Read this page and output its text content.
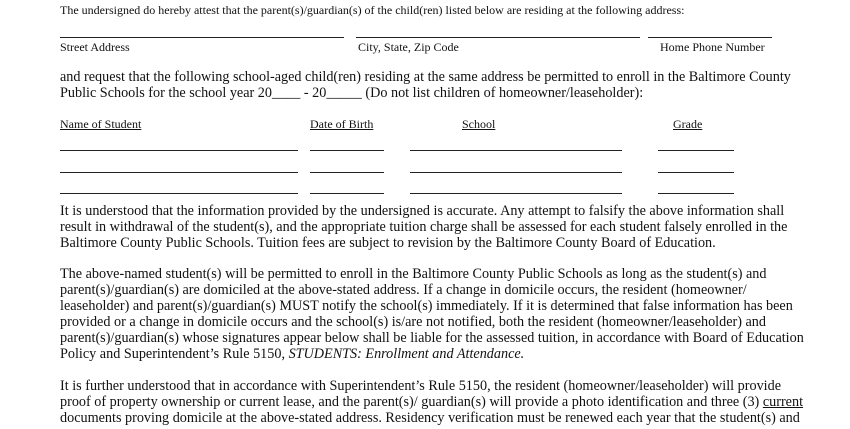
The undersigned do hereby attest that the parent(s)/guardian(s) of the child(ren) listed below are residing at the following address:
Street Address	City, State, Zip Code	Home Phone Number
and request that the following school-aged child(ren) residing at the same address be permitted to enroll in the Baltimore County
Public Schools for the school year 20____ - 20_____ (Do not list children of homeowner/leaseholder):
Name of Student	Date of Birth	School	Grade
It is understood that the information provided by the undersigned is accurate. Any attempt to falsify the above information shall
result in withdrawal of the student(s), and the appropriate tuition charge shall be assessed for each student falsely enrolled in the
Baltimore County Public Schools. Tuition fees are subject to revision by the Baltimore County Board of Education.
The above-named student(s) will be permitted to enroll in the Baltimore County Public Schools as long as the student(s) and
parent(s)/guardian(s) are domiciled at the above-stated address. If a change in domicile occurs, the resident (homeowner/
leaseholder) and parent(s)/guardian(s) MUST notify the school(s) immediately. If it is determined that false information has been
provided or a change in domicile occurs and the school(s) is/are not notified, both the resident (homeowner/leaseholder) and
parent(s)/guardian(s) whose signatures appear below shall be liable for the assessed tuition, in accordance with Board of Education
Policy and Superintendent’s Rule 5150, STUDENTS: Enrollment and Attendance.
It is further understood that in accordance with Superintendent’s Rule 5150, the resident (homeowner/leaseholder) will provide
proof of property ownership or current lease, and the parent(s)/ guardian(s) will provide a photo identification and three (3) current
documents proving domicile at the above-stated address. Residency verification must be renewed each year that the student(s) and
